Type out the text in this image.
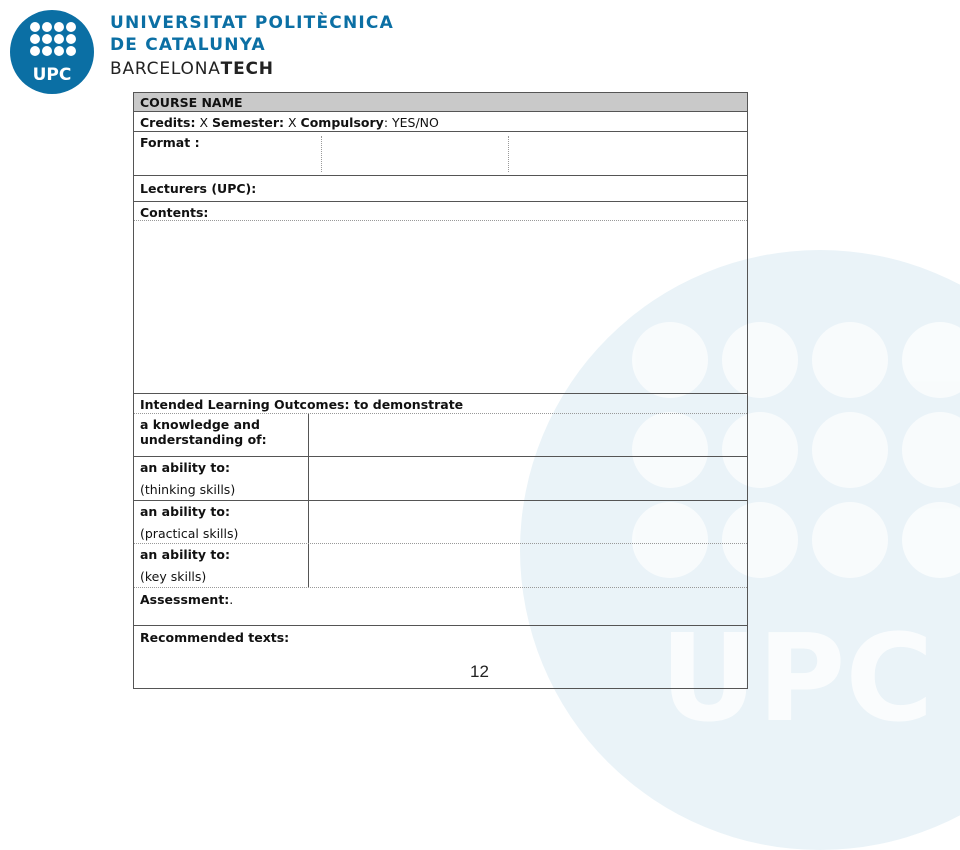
UPC
UPC
UNIVERSITAT POLITÈCNICA
DE CATALUNYA
BARCELONATECH
COURSE NAME
Credits: X Semester: X Compulsory: YES/NO
Format :
Lecturers (UPC):
Contents:
Intended Learning Outcomes: to demonstrate
a knowledge and
understanding of:
an ability to:
(thinking skills)
an ability to:
(practical skills)
an ability to:
(key skills)
Assessment:.
Recommended texts:
12
